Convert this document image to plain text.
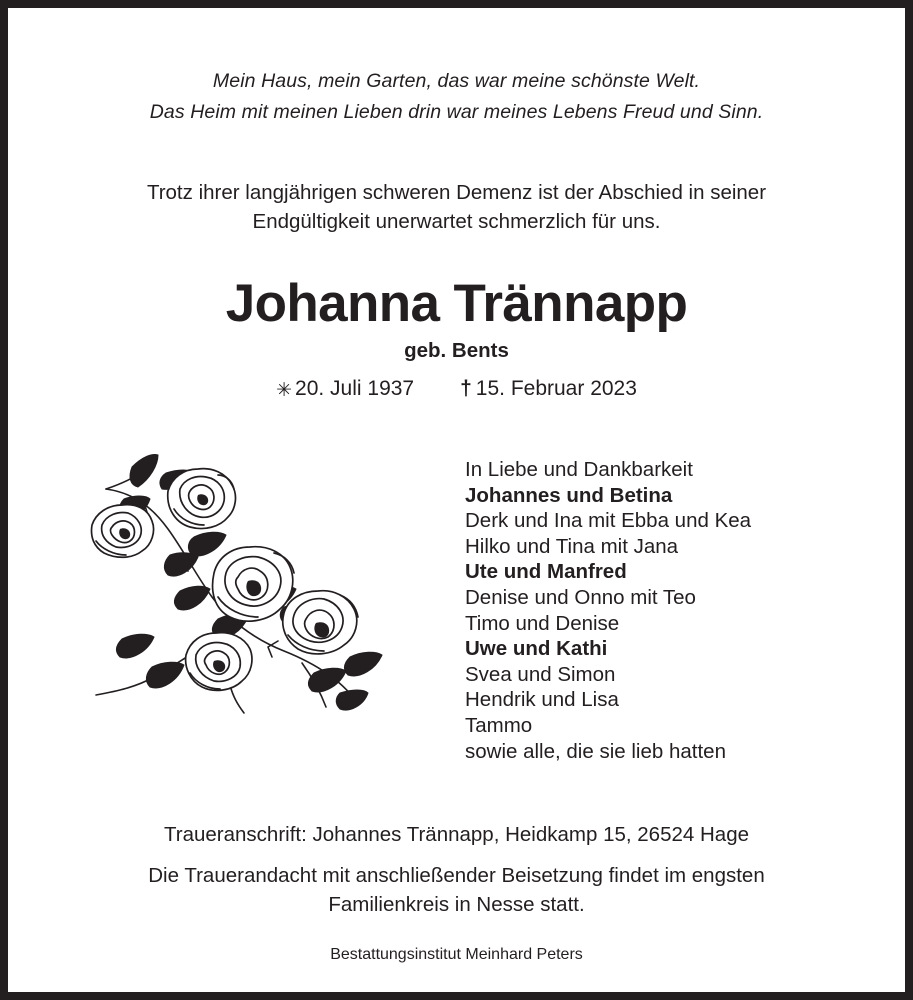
Mein Haus, mein Garten, das war meine schönste Welt.
Das Heim mit meinen Lieben drin war meines Lebens Freud und Sinn.
Trotz ihrer langjährigen schweren Demenz ist der Abschied in seiner
Endgültigkeit unerwartet schmerzlich für uns.
Johanna Trännapp
geb. Bents
✳ 20. Juli 1937 † 15. Februar 2023
In Liebe und Dankbarkeit
Johannes und Betina
Derk und Ina mit Ebba und Kea
Hilko und Tina mit Jana
Ute und Manfred
Denise und Onno mit Teo
Timo und Denise
Uwe und Kathi
Svea und Simon
Hendrik und Lisa
Tammo
sowie alle, die sie lieb hatten
Traueranschrift: Johannes Trännapp, Heidkamp 15, 26524 Hage
Die Trauerandacht mit anschließender Beisetzung findet im engsten
Familienkreis in Nesse statt.
Bestattungsinstitut Meinhard Peters
